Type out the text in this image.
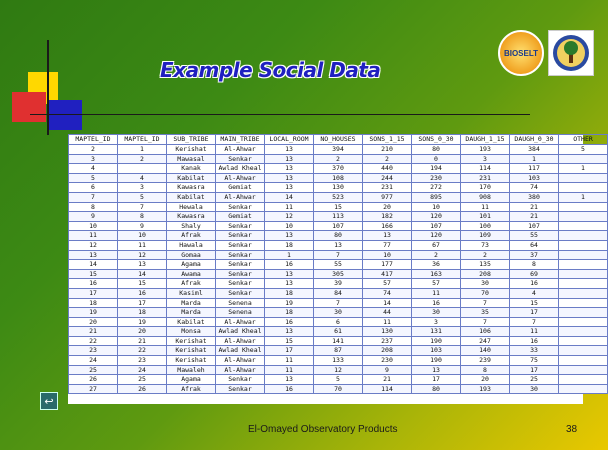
Example Social Data
BIOSELT
MAPTEL_ID	MAPTEL_ID	SUB_TRIBE	MAIN_TRIBE	LOCAL_ROOM	NO_HOUSES	SONS_1_15	SONS_0_30	DAUGH_1_15	DAUGH_0_30	OTHER
2	1	Kerishat	Al-Ahwar	13	394	210	80	193	384	5
3	2	Mawasal	Senkar	13	2	2	0	3	1	
4		Kanak	Awlad Kheal	13	370	440	194	114	117	1
5	4	Kabilat	Al-Ahwar	13	108	244	230	231	103	
6	3	Kawasra	Gemiat	13	130	231	272	170	74	
7	5	Kabilat	Al-Ahwar	14	523	977	895	908	380	1
8	7	Hewala	Senkar	11	15	20	10	11	21	
9	8	Kawasra	Gemiat	12	113	182	120	101	21	
10	9	Shaly	Senkar	10	107	166	107	100	107	
11	10	Afrak	Senkar	13	80	13	120	109	55	
12	11	Hawala	Senkar	18	13	77	67	73	64	
13	12	Gomaa	Senkar	1	7	10	2	2	37	
14	13	Agama	Senkar	16	55	177	36	135	8	
15	14	Awama	Senkar	13	305	417	163	208	69	
16	15	Afrak	Senkar	13	39	57	57	30	16	
17	16	Kasiml	Senkar	18	84	74	11	70	4	
18	17	Marda	Senena	19	7	14	16	7	15	
19	18	Marda	Senena	18	30	44	30	35	17	
20	19	Kabilat	Al-Ahwar	16	6	11	3	7	7	
21	20	Monsa	Awlad Kheal	13	61	130	131	106	11	
22	21	Kerishat	Al-Ahwar	15	141	237	190	247	16	
23	22	Kerishat	Awlad Kheal	17	87	208	103	140	33	
24	23	Kerishat	Al-Ahwar	11	133	230	190	239	75	
25	24	Mawaleh	Al-Ahwar	11	12	9	13	8	17	
26	25	Agama	Senkar	13	5	21	17	20	25	
27	26	Afrak	Senkar	16	70	114	80	193	30	
↩
El-Omayed Observatory Products	38
